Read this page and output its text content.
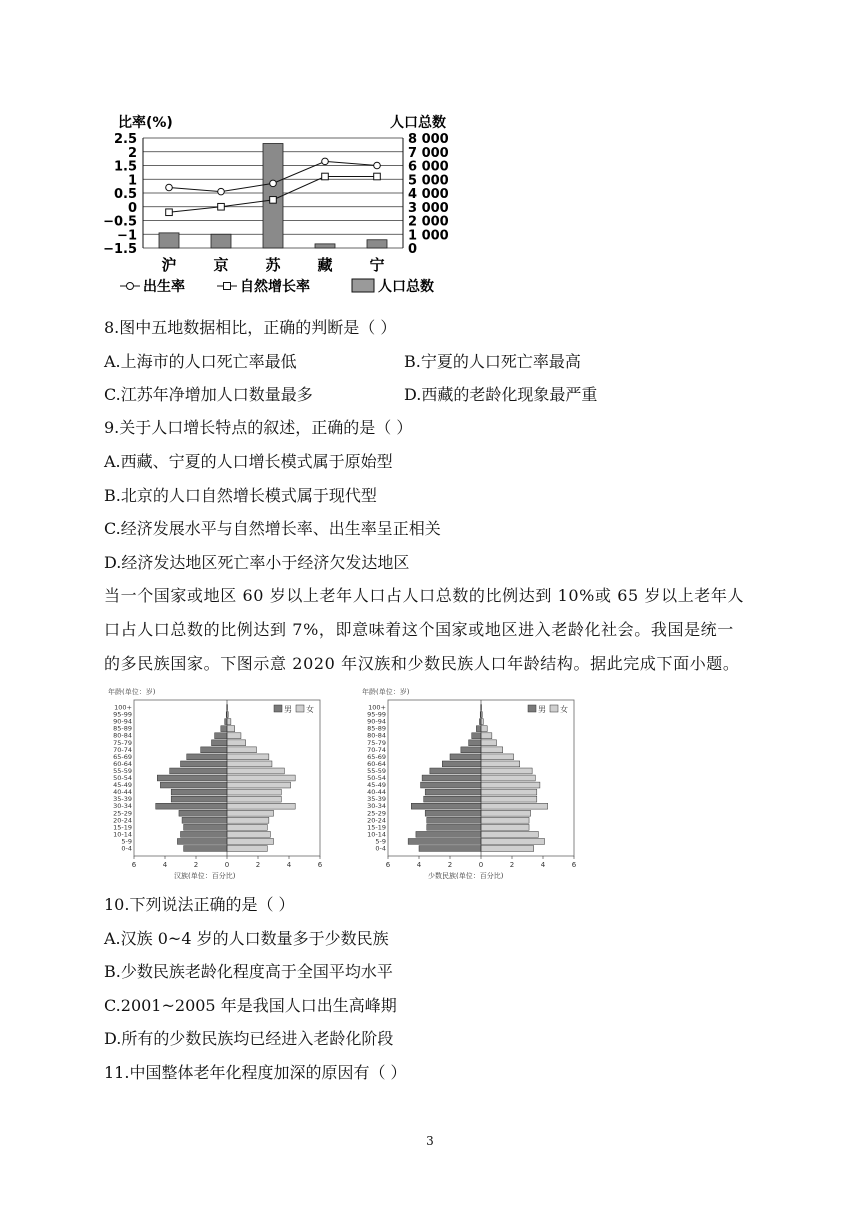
比率(%)	人口总数
2.5	8 000
2	7 000
1.5	6 000
1	5 000
0.5	4 000
0	3 000
−0.5	2 000
−1	1 000
−1.5	0
沪 京 苏 藏 宁
出生率	自然增长率	人口总数
8.图中五地数据相比，正确的判断是（ ）
A.上海市的人口死亡率最低	B.宁夏的人口死亡率最高
C.江苏年净增加人口数量最多	D.西藏的老龄化现象最严重
9.关于人口增长特点的叙述，正确的是（ ）
A.西藏、宁夏的人口增长模式属于原始型
B.北京的人口自然增长模式属于现代型
C.经济发展水平与自然增长率、出生率呈正相关
D.经济发达地区死亡率小于经济欠发达地区
当一个国家或地区 60 岁以上老年人口占人口总数的比例达到 10%或 65 岁以上老年人
口占人口总数的比例达到 7%，即意味着这个国家或地区进入老龄化社会。我国是统一
的多民族国家。下图示意 2020 年汉族和少数民族人口年龄结构。据此完成下面小题。
年龄(单位：岁)
100+
95-99
90-94
85-89
80-84
75-79
70-74
65-69
60-64
55-59
50-54
45-49
40-44
35-39
30-34
25-29
20-24
15-19
10-14
5-9
0-4
6	4	2	0	2	4	6
汉族(单位：百分比)
男 女
年龄(单位：岁)
100+
95-99
90-94
85-89
80-84
75-79
70-74
65-69
60-64
55-59
50-54
45-49
40-44
35-39
30-34
25-29
20-24
15-19
10-14
5-9
0-4
6	4	2	0	2	4	6
少数民族(单位：百分比)
男 女
10.下列说法正确的是（ ）
A.汉族 0~4 岁的人口数量多于少数民族
B.少数民族老龄化程度高于全国平均水平
C.2001~2005 年是我国人口出生高峰期
D.所有的少数民族均已经进入老龄化阶段
11.中国整体老年化程度加深的原因有（ ）
3
